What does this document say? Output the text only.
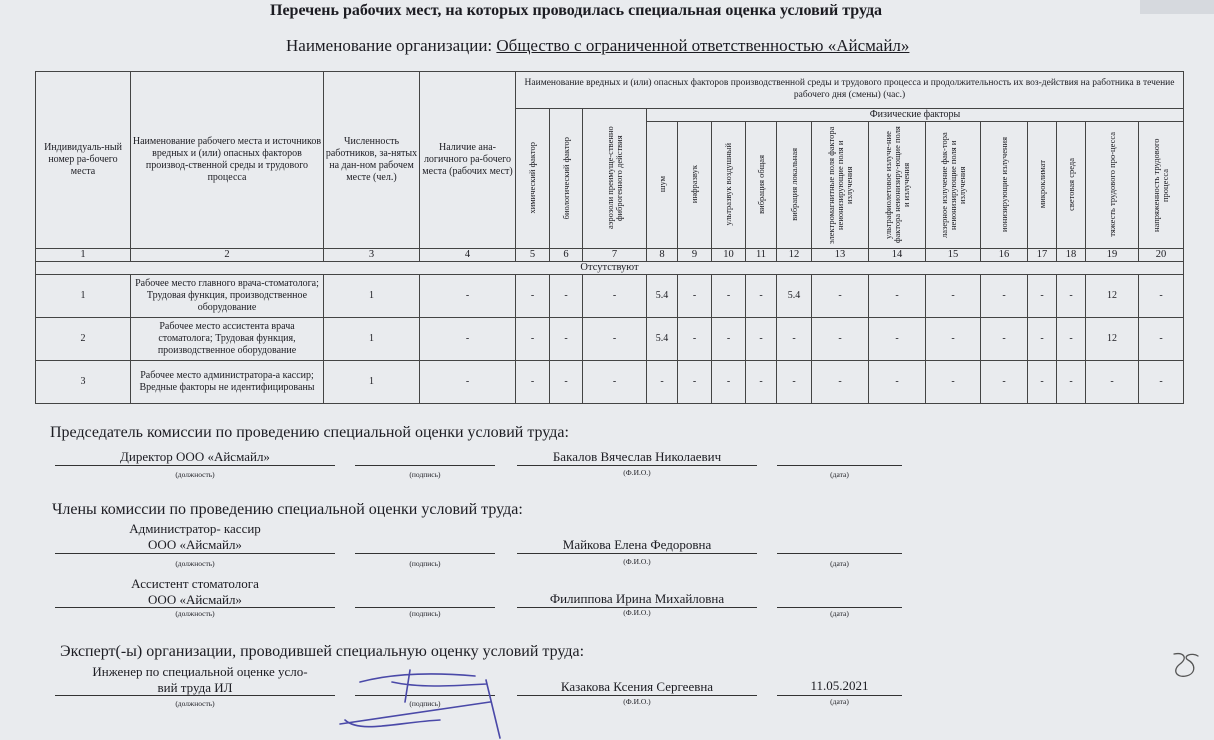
Перечень рабочих мест, на которых проводилась специальная оценка условий труда
Наименование организации: Общество с ограниченной ответственностью «Айсмайл»
Индивидуаль-ный номер ра-бочего места	Наименование рабочего места и источников вредных и (или) опасных факторов производ-ственной среды и трудового процесса	Численность работников, за-нятых на дан-ном рабочем месте (чел.)	Наличие ана-логичного ра-бочего места (рабочих мест)	Наименование вредных и (или) опасных факторов производственной среды и трудового процесса и продолжительность их воз-действия на работника в течение рабочего дня (смены) (час.)															

				химический фактор	биологический фактор	аэрозоли преимуще-ственно фиброгенного действия	Физические факторы												

							шум	инфразвук	ультразвук воздушный	вибрация общая	вибрация локальная	электромагнитные поля фактора неионизирующие поля и излучения	ультрафиолетовое излуче-ние фактора неионизиру-ющие поля и излучения	лазерное излучение фак-тора неионизирующие поля и излучения	ионизирующие излучения	микроклимат	световая среда	тяжесть трудового про-цесса	напряженность трудового процесса

1	2	3	4	5	6	7	8	9	10	11	12	13	14	15	16	17	18	19	20
Отсутствуют																			
1	Рабочее место главного врача-стоматолога; Трудовая функция, производственное оборудование	1	-	-	-	-	5.4	-	-	-	5.4	-	-	-	-	-	-	12	-
2	Рабочее место ассистента врача стоматолога; Трудовая функция, производственное оборудование	1	-	-	-	-	5.4	-	-	-	-	-	-	-	-	-	-	12	-
3	Рабочее место администратора-а кассир; Вредные факторы не идентифицированы	1	-	-	-	-	-	-	-	-	-	-	-	-	-	-	-	-	-
Председатель комиссии по проведению специальной оценки условий труда:
Директор ООО «Айсмайл»	Бакалов Вячеслав Николаевич
(должность)	(подпись)	(Ф.И.О.)	(дата)
Члены комиссии по проведению специальной оценки условий труда:
Администратор- кассир
ООО «Айсмайл»	Майкова Елена Федоровна
(должность)	(подпись)	(Ф.И.О.)	(дата)
Ассистент стоматолога
ООО «Айсмайл»	Филиппова Ирина Михайловна
(должность)	(подпись)	(Ф.И.О.)	(дата)
Эксперт(-ы) организации, проводившей специальную оценку условий труда:
Инженер по специальной оценке усло-
вий труда ИЛ	Казакова Ксения Сергеевна	11.05.2021
(должность)	(подпись)	(Ф.И.О.)	(дата)
